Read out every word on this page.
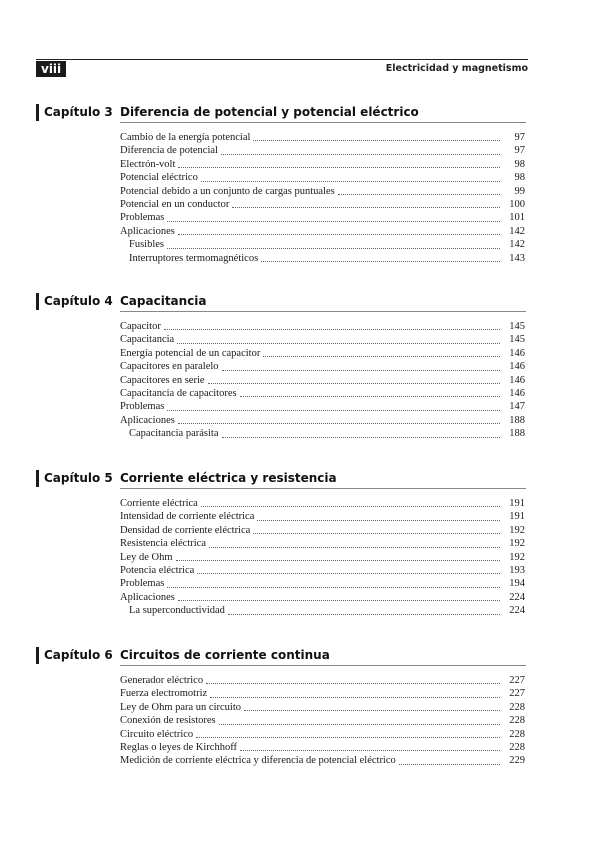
viii	Electricidad y magnetismo
Capítulo 3 Diferencia de potencial y potencial eléctrico
Cambio de la energía potencial	97
Diferencia de potencial	97
Electrón-volt	98
Potencial eléctrico	98
Potencial debido a un conjunto de cargas puntuales	99
Potencial en un conductor	100
Problemas	101
Aplicaciones	142
Fusibles	142
Interruptores termomagnéticos	143
Capítulo 4 Capacitancia
Capacitor	145
Capacitancia	145
Energía potencial de un capacitor	146
Capacitores en paralelo	146
Capacitores en serie	146
Capacitancia de capacitores	146
Problemas	147
Aplicaciones	188
Capacitancia parásita	188
Capítulo 5 Corriente eléctrica y resistencia
Corriente eléctrica	191
Intensidad de corriente eléctrica	191
Densidad de corriente eléctrica	192
Resistencia eléctrica	192
Ley de Ohm	192
Potencia eléctrica	193
Problemas	194
Aplicaciones	224
La superconductividad	224
Capítulo 6 Circuitos de corriente continua
Generador eléctrico	227
Fuerza electromotriz	227
Ley de Ohm para un circuito	228
Conexión de resistores	228
Circuito eléctrico	228
Reglas o leyes de Kirchhoff	228
Medición de corriente eléctrica y diferencia de potencial eléctrico	229
